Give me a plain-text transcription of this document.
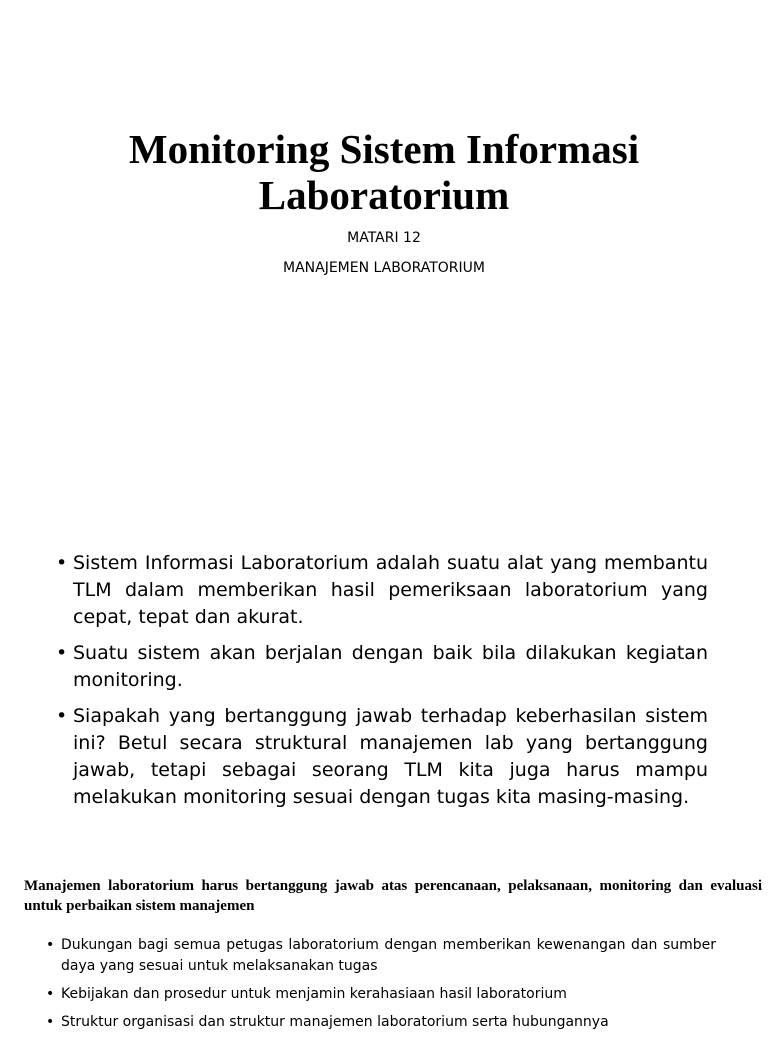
Monitoring Sistem Informasi
Laboratorium

MATARI 12

MANAJEMEN LABORATORIUM

• Sistem Informasi Laboratorium adalah suatu alat yang membantu TLM dalam memberikan hasil pemeriksaan laboratorium yang cepat, tepat dan akurat.
• Suatu sistem akan berjalan dengan baik bila dilakukan kegiatan monitoring.
• Siapakah yang bertanggung jawab terhadap keberhasilan sistem ini? Betul secara struktural manajemen lab yang bertanggung jawab, tetapi sebagai seorang TLM kita juga harus mampu melakukan monitoring sesuai dengan tugas kita masing-masing.

Manajemen laboratorium harus bertanggung jawab atas perencanaan, pelaksanaan, monitoring dan evaluasi untuk perbaikan sistem manajemen

• Dukungan bagi semua petugas laboratorium dengan memberikan kewenangan dan sumber daya yang sesuai untuk melaksanakan tugas
• Kebijakan dan prosedur untuk menjamin kerahasiaan hasil laboratorium
• Struktur organisasi dan struktur manajemen laboratorium serta hubungannya
